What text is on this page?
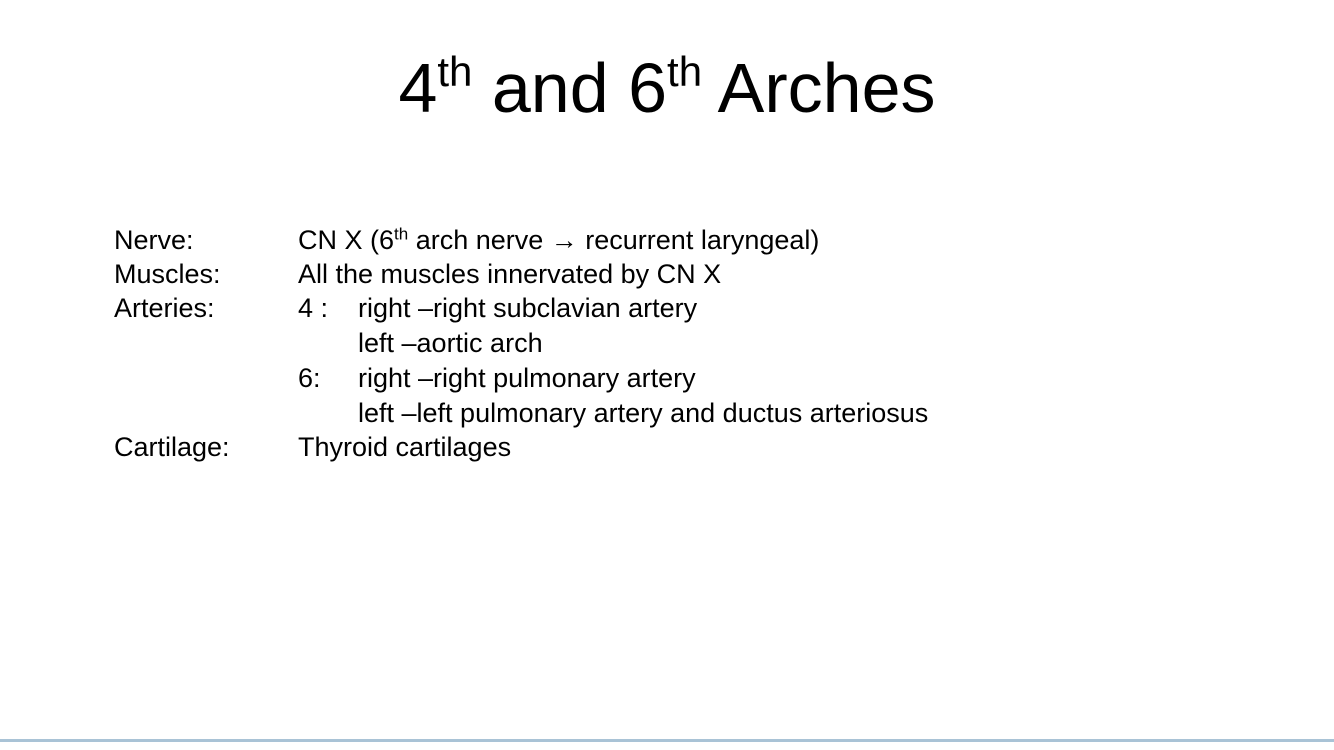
4th and 6th Arches
Nerve:	CN X (6th arch nerve → recurrent laryngeal)
Muscles:	All the muscles innervated by CN X
Arteries:	4 : right –right subclavian artery
left –aortic arch
6: right –right pulmonary artery
left –left pulmonary artery and ductus arteriosus
Cartilage:	Thyroid cartilages
